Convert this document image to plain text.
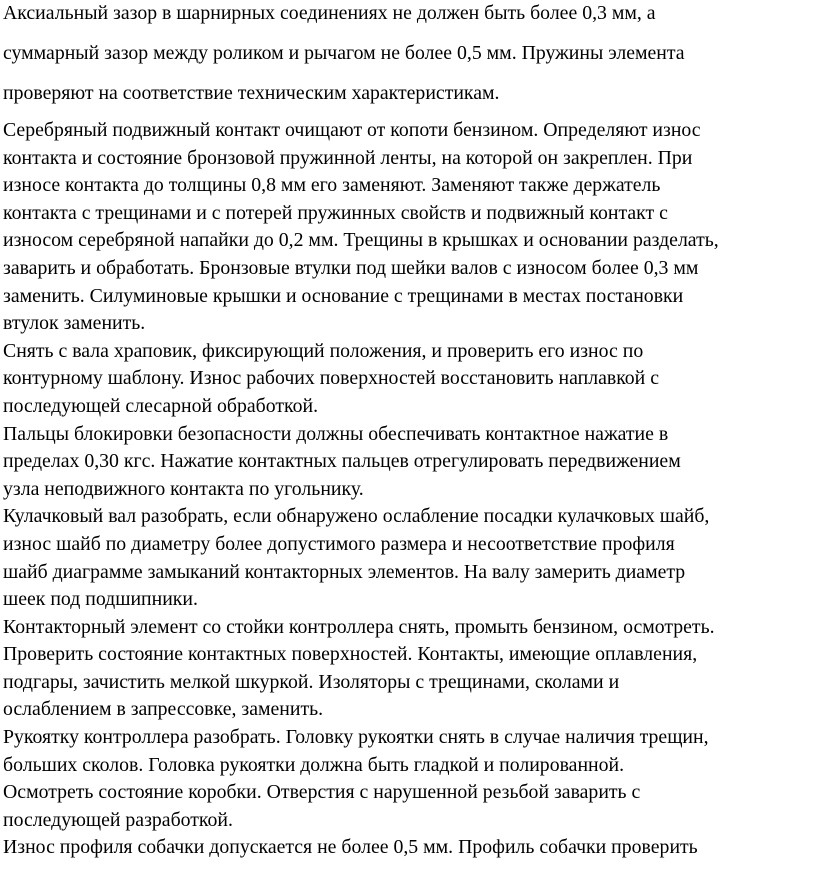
Аксиальный зазор в шарнирных соединениях не должен быть более 0,3 мм, а
суммарный зазор между роликом и рычагом не более 0,5 мм. Пружины элемента
проверяют на соответствие техническим характеристикам.

Серебряный подвижный контакт очищают от копоти бензином. Определяют износ
контакта и состояние бронзовой пружинной ленты, на которой он закреплен. При
износе контакта до толщины 0,8 мм его заменяют. Заменяют также держатель
контакта с трещинами и с потерей пружинных свойств и подвижный контакт с
износом серебряной напайки до 0,2 мм. Трещины в крышках и основании разделать,
заварить и обработать. Бронзовые втулки под шейки валов с износом более 0,3 мм
заменить. Силуминовые крышки и основание с трещинами в местах постановки
втулок заменить.

Снять с вала храповик, фиксирующий положения, и проверить его износ по
контурному шаблону. Износ рабочих поверхностей восстановить наплавкой с
последующей слесарной обработкой.

Пальцы блокировки безопасности должны обеспечивать контактное нажатие в
пределах 0,30 кгс. Нажатие контактных пальцев отрегулировать передвижением
узла неподвижного контакта по угольнику.

Кулачковый вал разобрать, если обнаружено ослабление посадки кулачковых шайб,
износ шайб по диаметру более допустимого размера и несоответствие профиля
шайб диаграмме замыканий контакторных элементов. На валу замерить диаметр
шеек под подшипники.

Контакторный элемент со стойки контроллера снять, промыть бензином, осмотреть.
Проверить состояние контактных поверхностей. Контакты, имеющие оплавления,
подгары, зачистить мелкой шкуркой. Изоляторы с трещинами, сколами и
ослаблением в запрессовке, заменить.

Рукоятку контроллера разобрать. Головку рукоятки снять в случае наличия трещин,
больших сколов. Головка рукоятки должна быть гладкой и полированной.

Осмотреть состояние коробки. Отверстия с нарушенной резьбой заварить с
последующей разработкой.

Износ профиля собачки допускается не более 0,5 мм. Профиль собачки проверить
